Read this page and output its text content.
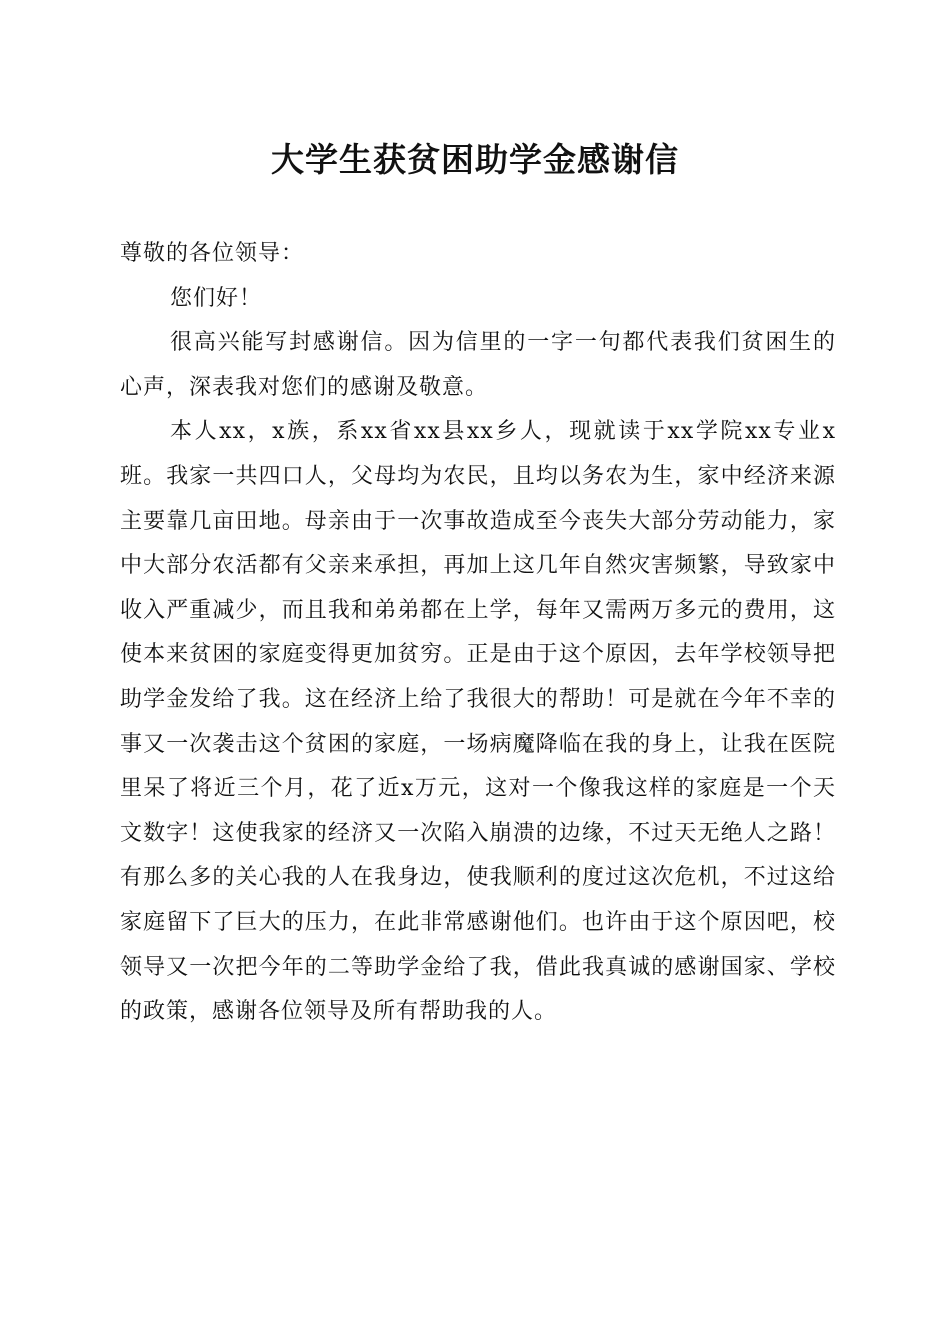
大学生获贫困助学金感谢信

尊敬的各位领导：

您们好！

很高兴能写封感谢信。因为信里的一字一句都代表我们贫困生的心声，深表我对您们的感谢及敬意。

本人xx，x族，系xx省xx县xx乡人，现就读于xx学院xx专业x班。我家一共四口人，父母均为农民，且均以务农为生，家中经济来源主要靠几亩田地。母亲由于一次事故造成至今丧失大部分劳动能力，家中大部分农活都有父亲来承担，再加上这几年自然灾害频繁，导致家中收入严重减少，而且我和弟弟都在上学，每年又需两万多元的费用，这使本来贫困的家庭变得更加贫穷。正是由于这个原因，去年学校领导把助学金发给了我。这在经济上给了我很大的帮助！可是就在今年不幸的事又一次袭击这个贫困的家庭，一场病魔降临在我的身上，让我在医院里呆了将近三个月，花了近x万元，这对一个像我这样的家庭是一个天文数字！这使我家的经济又一次陷入崩溃的边缘，不过天无绝人之路！有那么多的关心我的人在我身边，使我顺利的度过这次危机，不过这给家庭留下了巨大的压力，在此非常感谢他们。也许由于这个原因吧，校领导又一次把今年的二等助学金给了我，借此我真诚的感谢国家、学校的政策，感谢各位领导及所有帮助我的人。
